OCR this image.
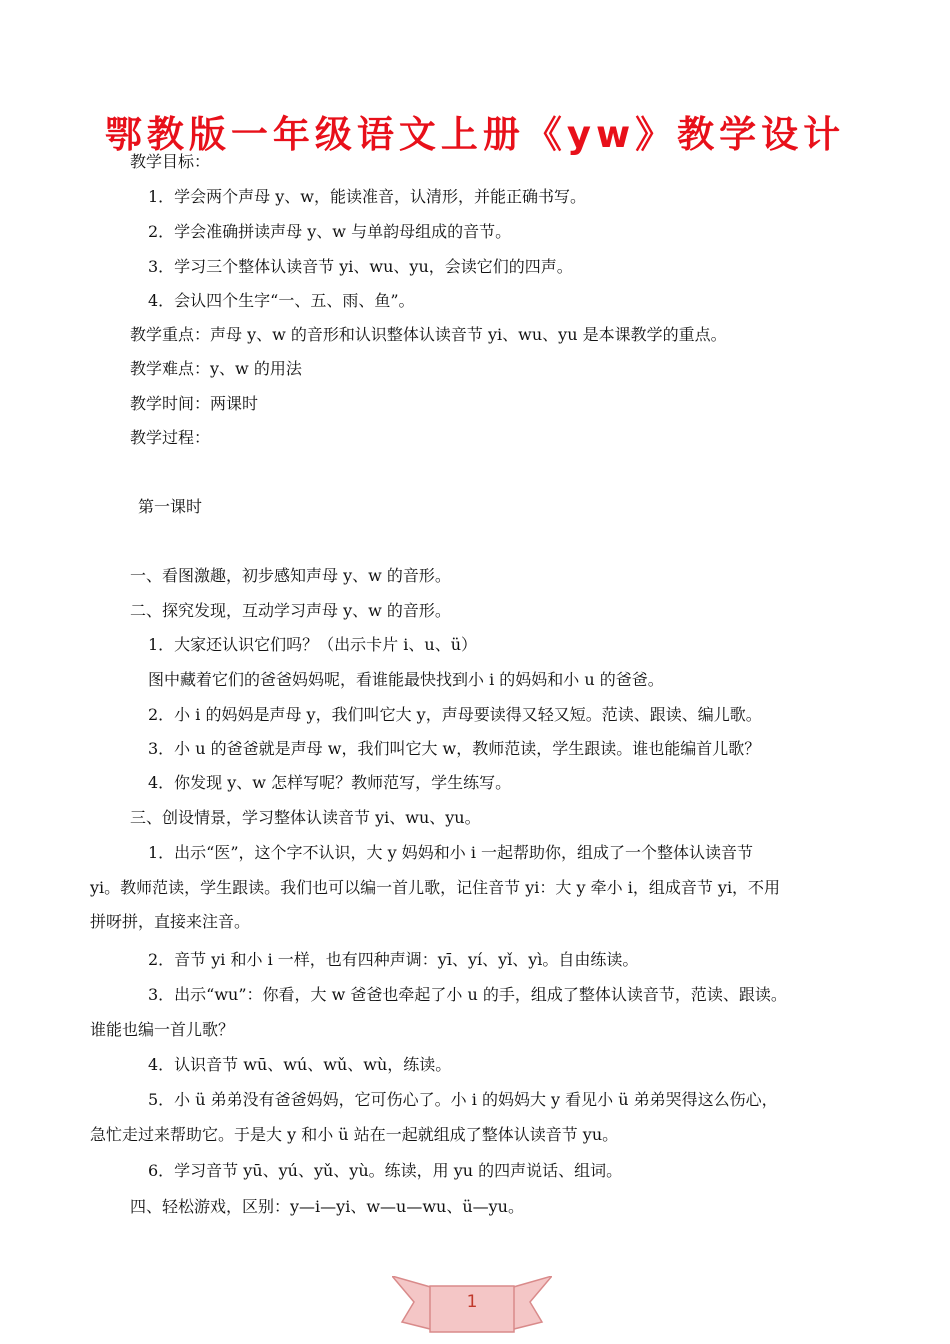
鄂教版一年级语文上册《yw》教学设计
教学目标：
1．学会两个声母 y、w，能读准音，认清形，并能正确书写。
2．学会准确拼读声母 y、w 与单韵母组成的音节。
3．学习三个整体认读音节 yi、wu、yu，会读它们的四声。
4．会认四个生字“一、五、雨、鱼”。
教学重点：声母 y、w 的音形和认识整体认读音节 yi、wu、yu 是本课教学的重点。
教学难点：y、w 的用法
教学时间：两课时
教学过程：
第一课时
一、看图激趣，初步感知声母 y、w 的音形。
二、探究发现，互动学习声母 y、w 的音形。
1．大家还认识它们吗？（出示卡片 i、u、ü）
图中藏着它们的爸爸妈妈呢，看谁能最快找到小 i 的妈妈和小 u 的爸爸。
2．小 i 的妈妈是声母 y，我们叫它大 y，声母要读得又轻又短。范读、跟读、编儿歌。
3．小 u 的爸爸就是声母 w，我们叫它大 w，教师范读，学生跟读。谁也能编首儿歌？
4．你发现 y、w 怎样写呢？教师范写，学生练写。
三、创设情景，学习整体认读音节 yi、wu、yu。
1．出示“医”，这个字不认识，大 y 妈妈和小 i 一起帮助你，组成了一个整体认读音节
yi。教师范读，学生跟读。我们也可以编一首儿歌，记住音节 yi：大 y 牵小 i，组成音节 yi，不用
拼呀拼，直接来注音。
2．音节 yi 和小 i 一样，也有四种声调：yī、yí、yǐ、yì。自由练读。
3．出示“wu”：你看，大 w 爸爸也牵起了小 u 的手，组成了整体认读音节，范读、跟读。
谁能也编一首儿歌？
4．认识音节 wū、wú、wǔ、wù，练读。
5．小 ü 弟弟没有爸爸妈妈，它可伤心了。小 i 的妈妈大 y 看见小 ü 弟弟哭得这么伤心，
急忙走过来帮助它。于是大 y 和小 ü 站在一起就组成了整体认读音节 yu。
6．学习音节 yū、yú、yǔ、yù。练读，用 yu 的四声说话、组词。
四、轻松游戏，区别：y—i—yi、w—u—wu、ü—yu。
1
